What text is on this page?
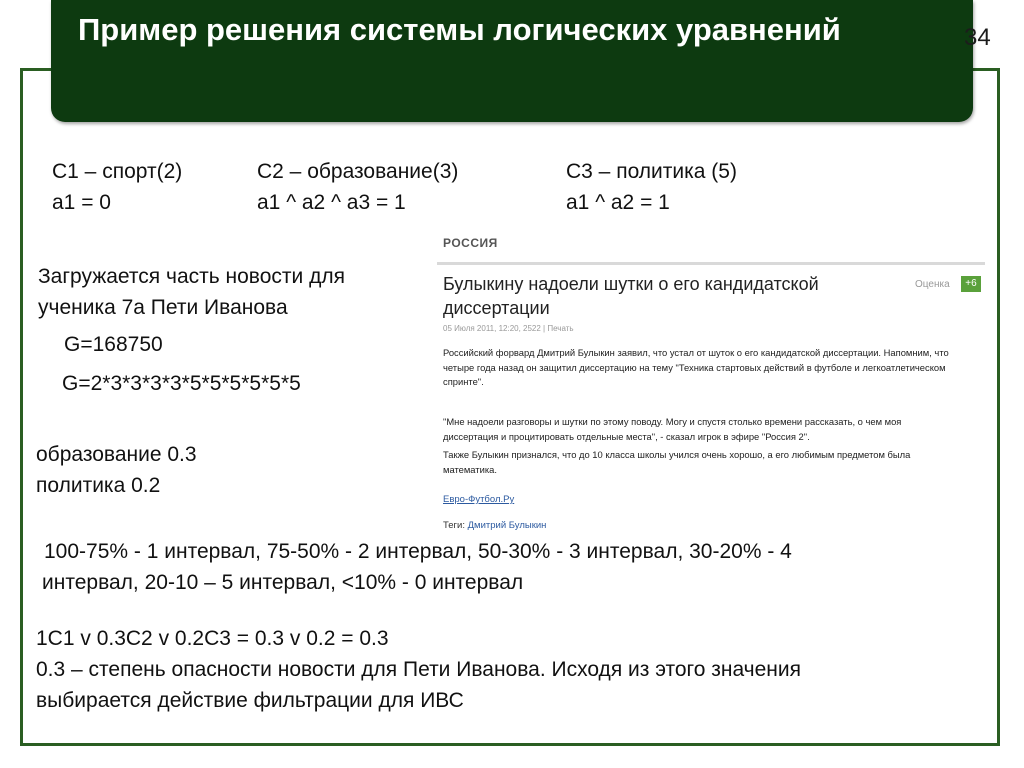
Пример решения системы логических уравнений	34
С1 – спорт(2)
а1 = 0
С2 – образование(3)
а1 ^ а2 ^ а3 = 1
С3 – политика (5)
а1 ^ а2 = 1
Загружается часть новости для
ученика 7а Пети Иванова
G=168750
G=2*3*3*3*3*5*5*5*5*5*5
образование 0.3
политика 0.2
100-75% - 1 интервал, 75-50% - 2 интервал, 50-30% - 3 интервал, 30-20% - 4
интервал, 20-10 – 5 интервал, <10% - 0 интервал
1С1 v 0.3С2 v 0.2С3 = 0.3 v 0.2 = 0.3
0.3 – степень опасности новости для Пети Иванова. Исходя из этого значения
выбирается действие фильтрации для ИВС
РОССИЯ
Булыкину надоели шутки о его кандидатской диссертации
Оценка	+6
05 Июля 2011, 12:20, 2522 | Печать
Российский форвард Дмитрий Булыкин заявил, что устал от шуток о его кандидатской диссертации. Напомним, что четыре года назад он защитил диссертацию на тему "Техника стартовых действий в футболе и легкоатлетическом спринте".
"Мне надоели разговоры и шутки по этому поводу. Могу и спустя столько времени рассказать, о чем моя диссертация и процитировать отдельные места", - сказал игрок в эфире "Россия 2".
Также Булыкин признался, что до 10 класса школы учился очень хорошо, а его любимым предметом была математика.
Евро-Футбол.Ру
Теги: Дмитрий Булыкин
